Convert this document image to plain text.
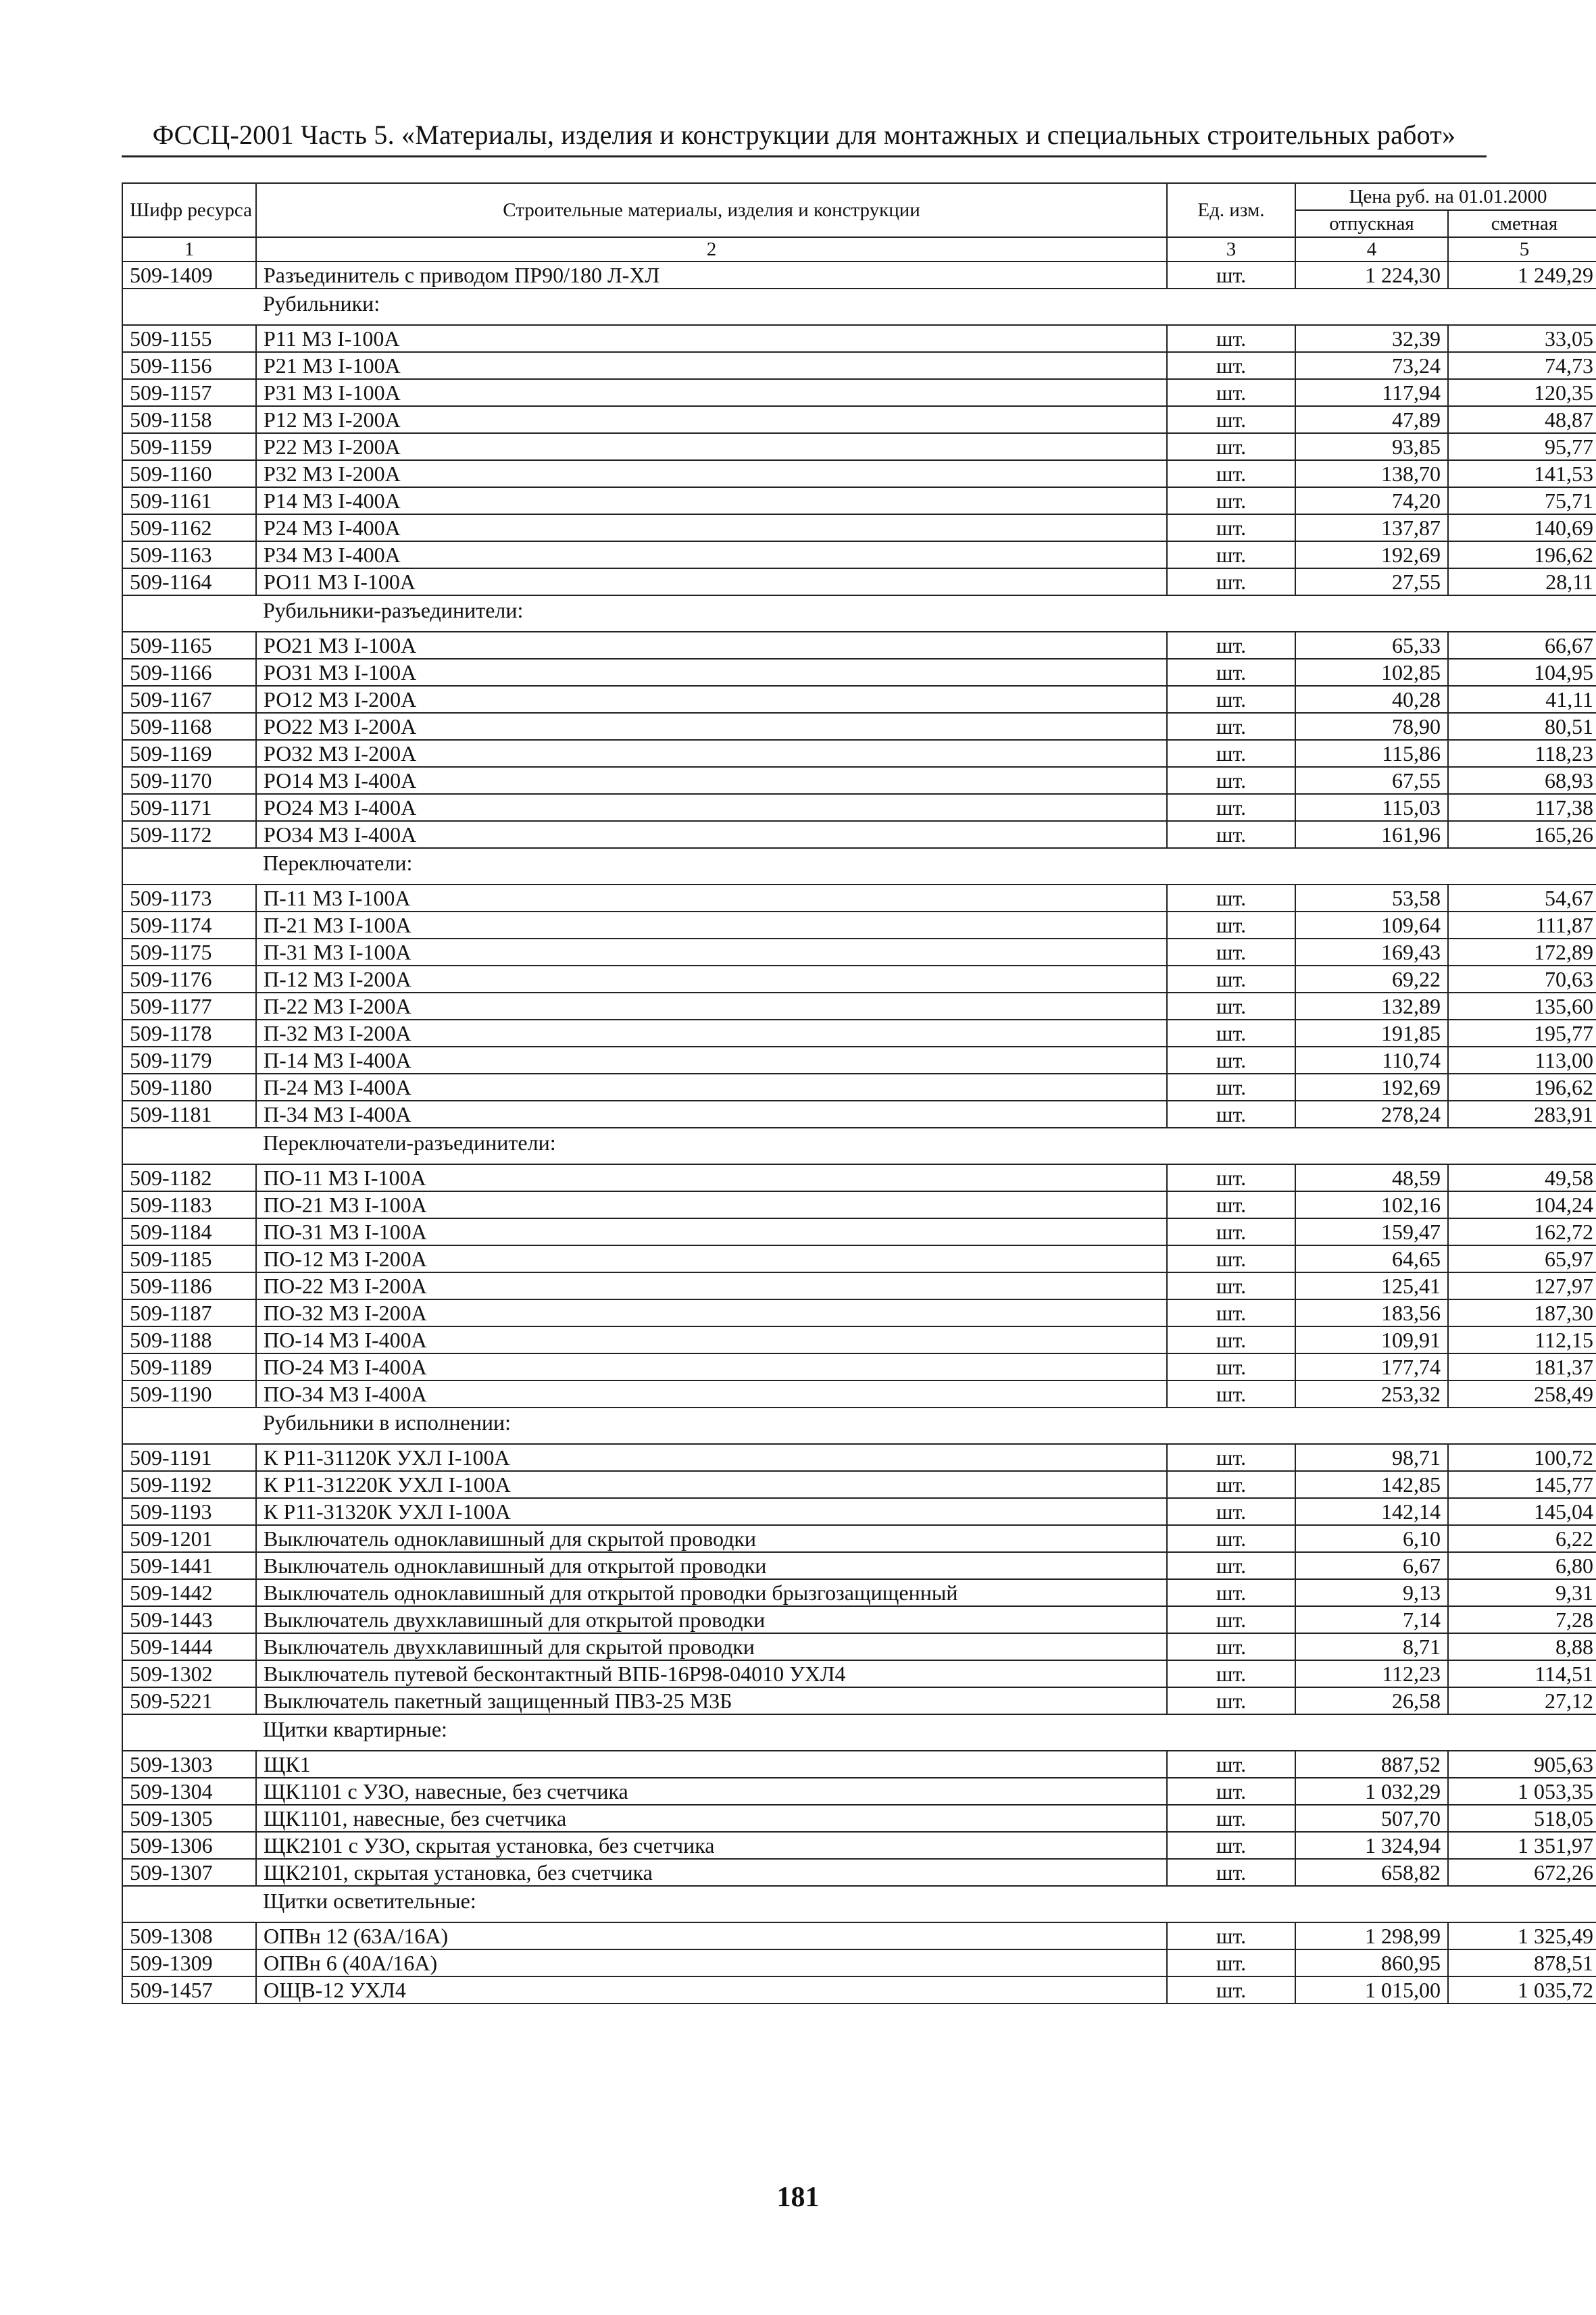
ФССЦ-2001 Часть 5. «Материалы, изделия и конструкции для монтажных и специальных строительных работ»
Шифр ресурса	Строительные материалы, изделия и конструкции	Ед. изм.	Цена руб. на 01.01.2000	
			отпускная	сметная
1	2	3	4	5
509-1409	Разъединитель с приводом ПР90/180 Л-ХЛ	шт.	1 224,30	1 249,29
	Рубильники:			
509-1155	Р11 М3 I-100А	шт.	32,39	33,05
509-1156	Р21 М3 I-100А	шт.	73,24	74,73
509-1157	Р31 М3 I-100А	шт.	117,94	120,35
509-1158	Р12 М3 I-200А	шт.	47,89	48,87
509-1159	Р22 М3 I-200А	шт.	93,85	95,77
509-1160	Р32 М3 I-200А	шт.	138,70	141,53
509-1161	Р14 М3 I-400А	шт.	74,20	75,71
509-1162	Р24 М3 I-400А	шт.	137,87	140,69
509-1163	Р34 М3 I-400А	шт.	192,69	196,62
509-1164	РО11 М3 I-100А	шт.	27,55	28,11
	Рубильники-разъединители:			
509-1165	РО21 М3 I-100А	шт.	65,33	66,67
509-1166	РО31 М3 I-100А	шт.	102,85	104,95
509-1167	РО12 М3 I-200А	шт.	40,28	41,11
509-1168	РО22 М3 I-200А	шт.	78,90	80,51
509-1169	РО32 М3 I-200А	шт.	115,86	118,23
509-1170	РО14 М3 I-400А	шт.	67,55	68,93
509-1171	РО24 М3 I-400А	шт.	115,03	117,38
509-1172	РО34 М3 I-400А	шт.	161,96	165,26
	Переключатели:			
509-1173	П-11 М3 I-100А	шт.	53,58	54,67
509-1174	П-21 М3 I-100А	шт.	109,64	111,87
509-1175	П-31 М3 I-100А	шт.	169,43	172,89
509-1176	П-12 М3 I-200А	шт.	69,22	70,63
509-1177	П-22 М3 I-200А	шт.	132,89	135,60
509-1178	П-32 М3 I-200А	шт.	191,85	195,77
509-1179	П-14 М3 I-400А	шт.	110,74	113,00
509-1180	П-24 М3 I-400А	шт.	192,69	196,62
509-1181	П-34 М3 I-400А	шт.	278,24	283,91
	Переключатели-разъединители:			
509-1182	ПО-11 М3 I-100А	шт.	48,59	49,58
509-1183	ПО-21 М3 I-100А	шт.	102,16	104,24
509-1184	ПО-31 М3 I-100А	шт.	159,47	162,72
509-1185	ПО-12 М3 I-200А	шт.	64,65	65,97
509-1186	ПО-22 М3 I-200А	шт.	125,41	127,97
509-1187	ПО-32 М3 I-200А	шт.	183,56	187,30
509-1188	ПО-14 М3 I-400А	шт.	109,91	112,15
509-1189	ПО-24 М3 I-400А	шт.	177,74	181,37
509-1190	ПО-34 М3 I-400А	шт.	253,32	258,49
	Рубильники в исполнении:			
509-1191	К Р11-31120К УХЛ I-100А	шт.	98,71	100,72
509-1192	К Р11-31220К УХЛ I-100А	шт.	142,85	145,77
509-1193	К Р11-31320К УХЛ I-100А	шт.	142,14	145,04
509-1201	Выключатель одноклавишный для скрытой проводки	шт.	6,10	6,22
509-1441	Выключатель одноклавишный для открытой проводки	шт.	6,67	6,80
509-1442	Выключатель одноклавишный для открытой проводки брызгозащищенный	шт.	9,13	9,31
509-1443	Выключатель двухклавишный для открытой проводки	шт.	7,14	7,28
509-1444	Выключатель двухклавишный для скрытой проводки	шт.	8,71	8,88
509-1302	Выключатель путевой бесконтактный ВПБ-16Р98-04010 УХЛ4	шт.	112,23	114,51
509-5221	Выключатель пакетный защищенный ПВ3-25 М3Б	шт.	26,58	27,12
	Щитки квартирные:			
509-1303	ЩК1	шт.	887,52	905,63
509-1304	ЩК1101 с УЗО, навесные, без счетчика	шт.	1 032,29	1 053,35
509-1305	ЩК1101, навесные, без счетчика	шт.	507,70	518,05
509-1306	ЩК2101 с УЗО, скрытая установка, без счетчика	шт.	1 324,94	1 351,97
509-1307	ЩК2101, скрытая установка, без счетчика	шт.	658,82	672,26
	Щитки осветительные:			
509-1308	ОПВн 12 (63А/16А)	шт.	1 298,99	1 325,49
509-1309	ОПВн 6 (40А/16А)	шт.	860,95	878,51
509-1457	ОЩВ-12 УХЛ4	шт.	1 015,00	1 035,72
181
